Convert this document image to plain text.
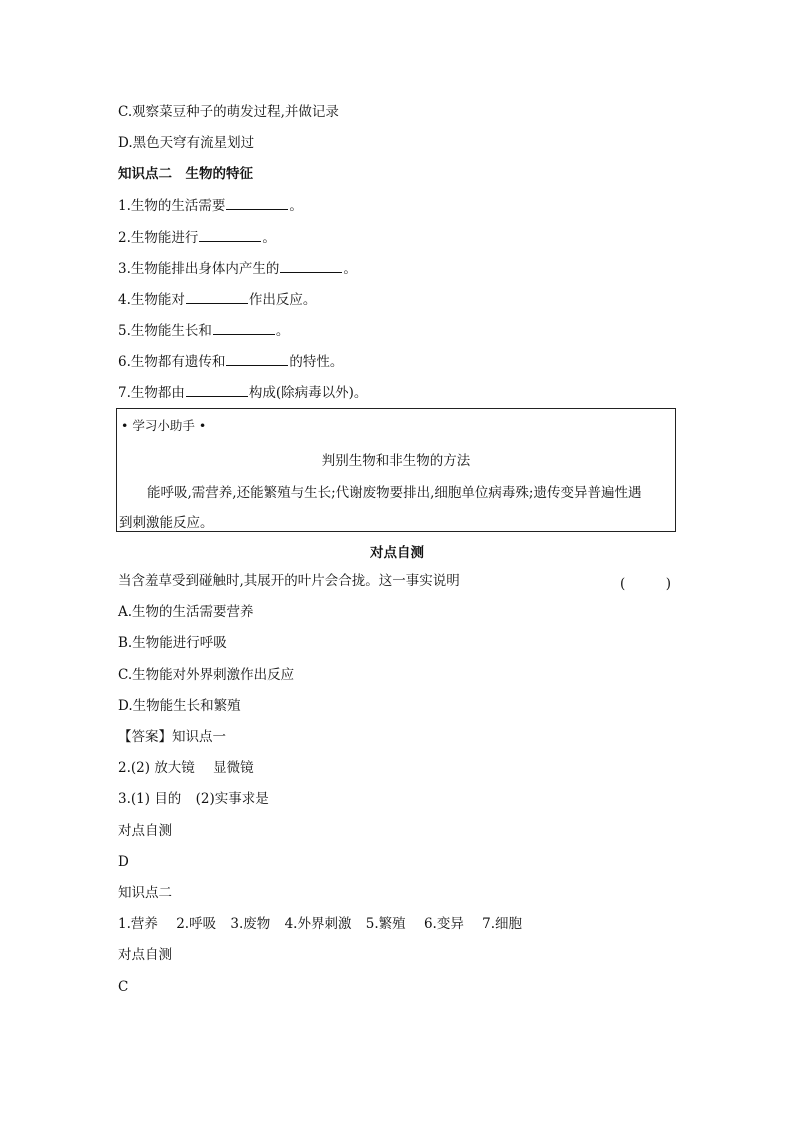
C.观察菜豆种子的萌发过程,并做记录
D.黑色天穹有流星划过
知识点二　生物的特征
1.生物的生活需要	。
2.生物能进行	。
3.生物能排出身体内产生的	。
4.生物能对	作出反应。
5.生物能生长和	。
6.生物都有遗传和	的特性。
7.生物都由	构成(除病毒以外)。
• 学习小助手 •
判别生物和非生物的方法
能呼吸,需营养,还能繁殖与生长;代谢废物要排出,细胞单位病毒殊;遗传变异普遍性遇
到刺激能反应。
对点自测
当含羞草受到碰触时,其展开的叶片会合拢。这一事实说明	(　　　)
A.生物的生活需要营养
B.生物能进行呼吸
C.生物能对外界刺激作出反应
D.生物能生长和繁殖
【答案】知识点一
2.(2) 放大镜 显微镜
3.(1) 目的 (2)实事求是
对点自测
D
知识点二
1.营养 2.呼吸 3.废物 4.外界刺激 5.繁殖 6.变异 7.细胞
对点自测
C
